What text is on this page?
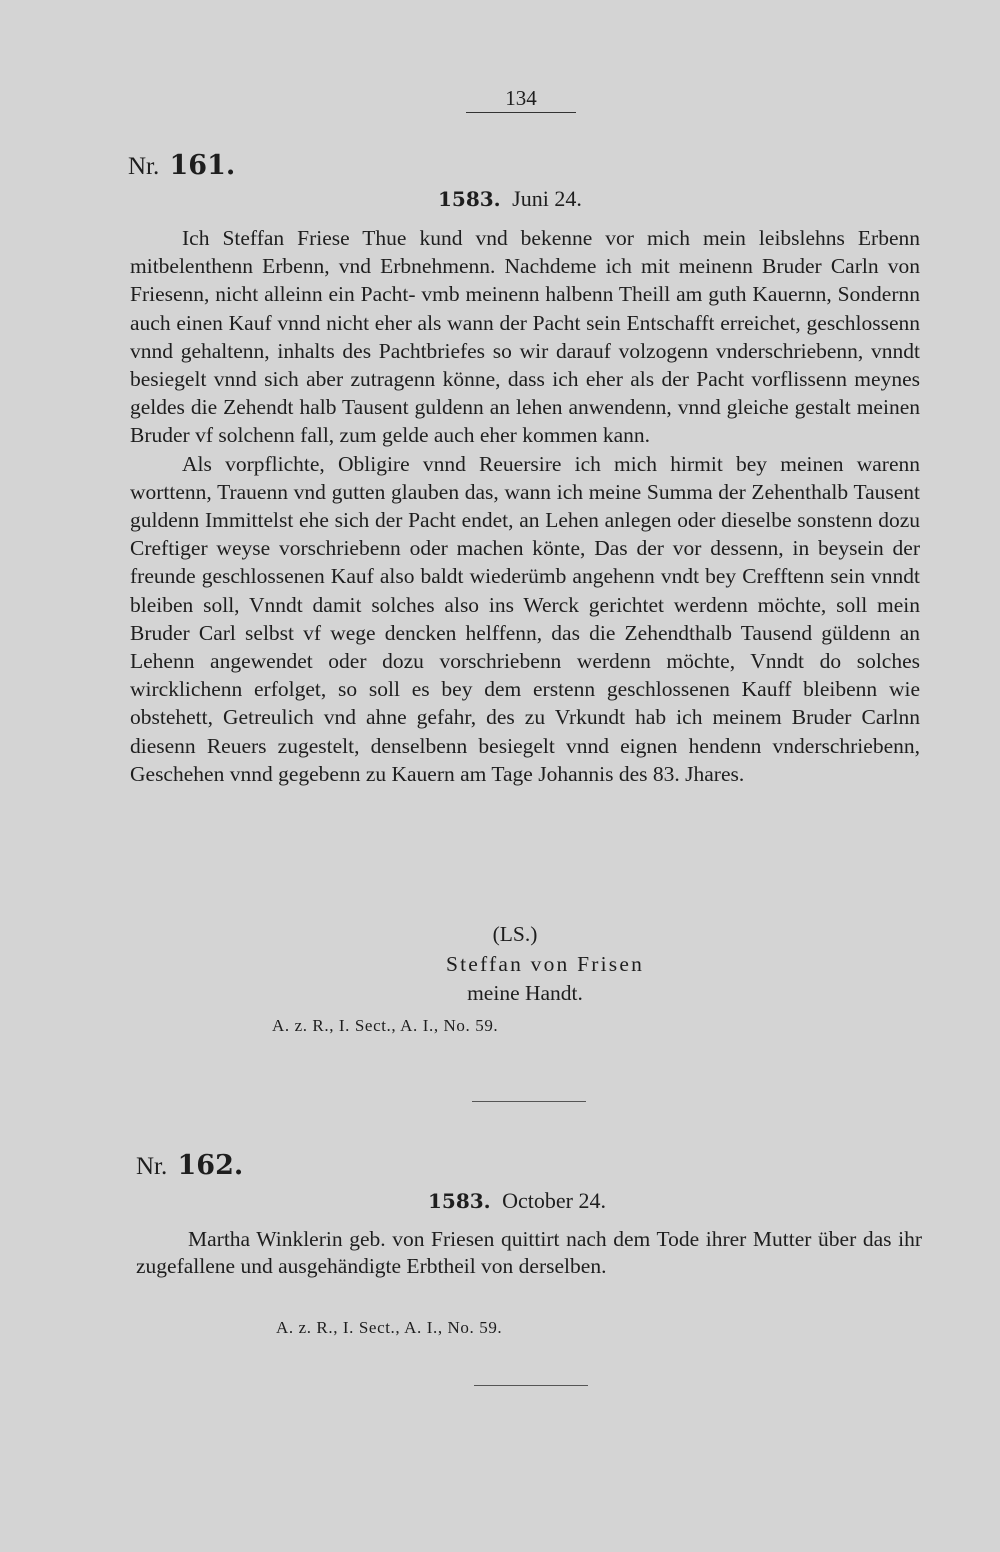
134
Nr. 161.
1583. Juni 24.

Ich Steffan Friese Thue kund vnd bekenne vor mich mein leibslehns Erbenn mitbelenthenn Erbenn, vnd Erbnehmenn. Nachdeme ich mit meinenn Bruder Carln von Friesenn, nicht alleinn ein Pacht- vmb meinenn halbenn Theill am guth Kauernn, Sondernn auch einen Kauf vnnd nicht eher als wann der Pacht sein Entschafft erreichet, geschlossenn vnnd gehaltenn, inhalts des Pachtbriefes so wir darauf volzogenn vnderschriebenn, vnndt besiegelt vnnd sich aber zutragenn könne, dass ich eher als der Pacht vorflissenn meynes geldes die Zehendt halb Tausent guldenn an lehen anwendenn, vnnd gleiche gestalt meinen Bruder vf solchenn fall, zum gelde auch eher kommen kann.

Als vorpflichte, Obligire vnnd Reuersire ich mich hirmit bey meinen warenn worttenn, Trauenn vnd gutten glauben das, wann ich meine Summa der Zehenthalb Tausent guldenn Immittelst ehe sich der Pacht endet, an Lehen anlegen oder dieselbe sonstenn dozu Creftiger weyse vorschriebenn oder machen könte, Das der vor dessenn, in beysein der freunde geschlossenen Kauf also baldt wiederümb angehenn vndt bey Crefftenn sein vnndt bleiben soll, Vnndt damit solches also ins Werck gerichtet werdenn möchte, soll mein Bruder Carl selbst vf wege dencken helffenn, das die Zehendthalb Tausend güldenn an Lehenn angewendet oder dozu vorschriebenn werdenn möchte, Vnndt do solches wircklichenn erfolget, so soll es bey dem erstenn geschlossenen Kauff bleibenn wie obstehett, Getreulich vnd ahne gefahr, des zu Vrkundt hab ich meinem Bruder Carlnn diesenn Reuers zugestelt, denselbenn besiegelt vnnd eignen hendenn vnderschriebenn, Geschehen vnnd gegebenn zu Kauern am Tage Johannis des 83. Jhares.

(LS.)
Steffan von Frisen
meine Handt.
A. z. R., I. Sect., A. I., No. 59.
Nr. 162.
1583. October 24.

Martha Winklerin geb. von Friesen quittirt nach dem Tode ihrer Mutter über das ihr zugefallene und ausgehändigte Erbtheil von derselben.

A. z. R., I. Sect., A. I., No. 59.
